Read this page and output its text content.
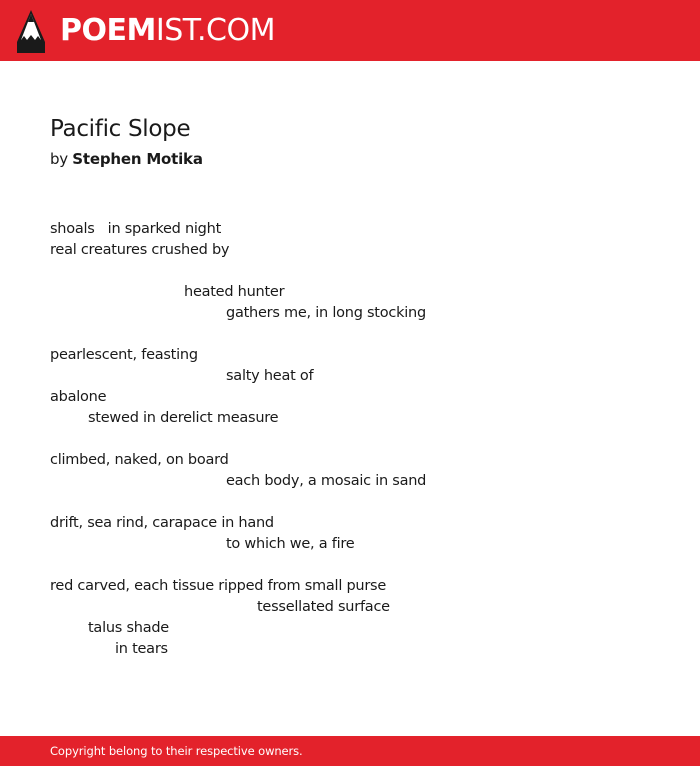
POEMIST.COM
Pacific Slope
by Stephen Motika
shoals   in sparked night
real creatures crushed by
heated hunter
gathers me, in long stocking
pearlescent, feasting
salty heat of
abalone
stewed in derelict measure
climbed, naked, on board
each body, a mosaic in sand
drift, sea rind, carapace in hand
to which we, a fire
red carved, each tissue ripped from small purse
tessellated surface
talus shade
in tears
Copyright belong to their respective owners.
